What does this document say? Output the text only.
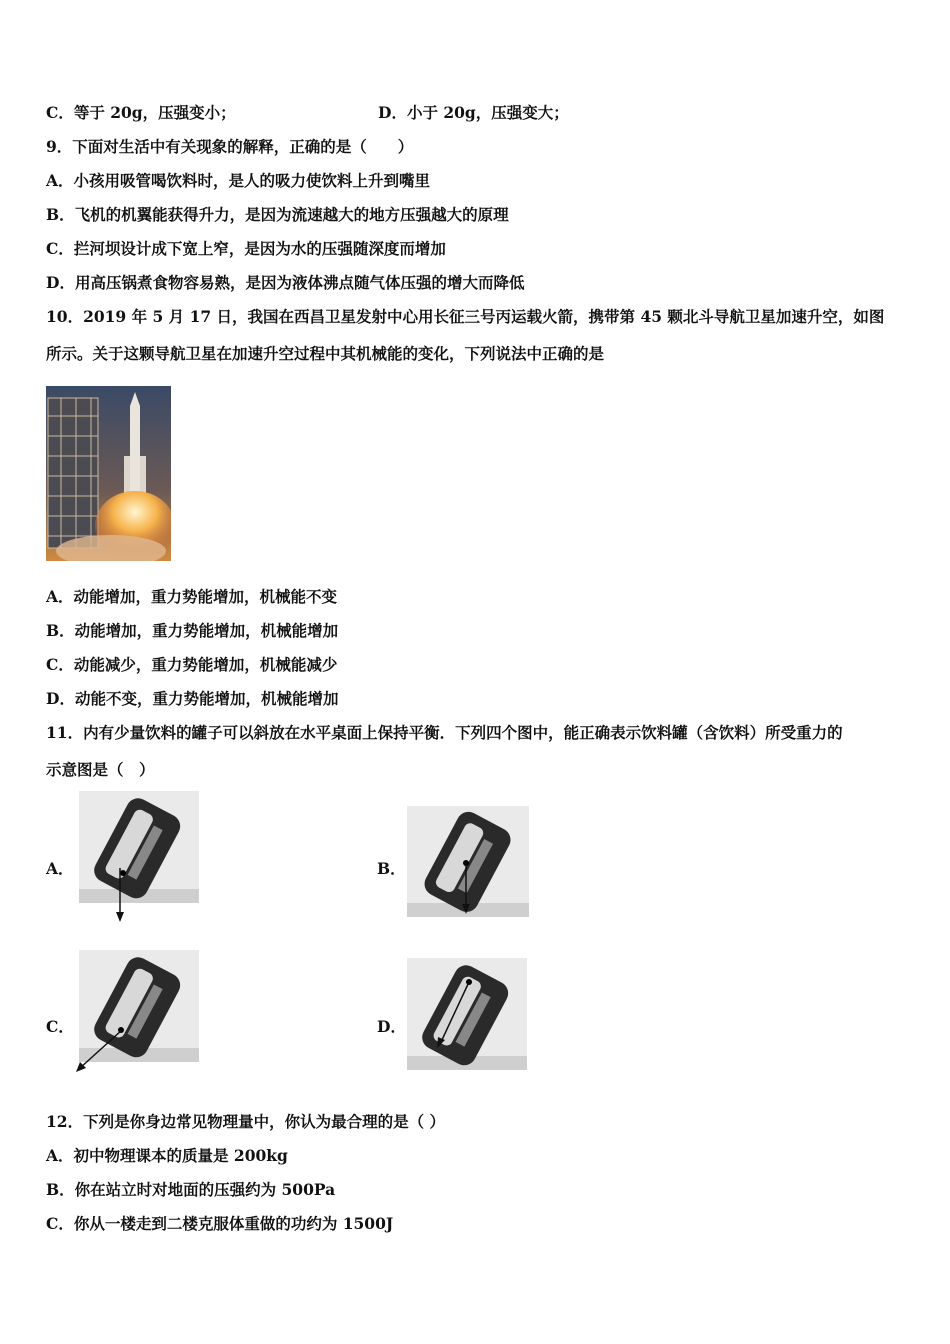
C．等于 20g，压强变小；	D．小于 20g，压强变大；
9．下面对生活中有关现象的解释，正确的是（　　）
A．小孩用吸管喝饮料时，是人的吸力使饮料上升到嘴里
B．飞机的机翼能获得升力，是因为流速越大的地方压强越大的原理
C．拦河坝设计成下宽上窄，是因为水的压强随深度而增加
D．用高压锅煮食物容易熟，是因为液体沸点随气体压强的增大而降低
10．2019 年 5 月 17 日，我国在西昌卫星发射中心用长征三号丙运载火箭，携带第 45 颗北斗导航卫星加速升空，如图
所示。关于这颗导航卫星在加速升空过程中其机械能的变化，下列说法中正确的是
A．动能增加，重力势能增加，机械能不变
B．动能增加，重力势能增加，机械能增加
C．动能减少，重力势能增加，机械能减少
D．动能不变，重力势能增加，机械能增加
11．内有少量饮料的罐子可以斜放在水平桌面上保持平衡．下列四个图中，能正确表示饮料罐（含饮料）所受重力的
示意图是（　）
A．	B．
C．	D．
12．下列是你身边常见物理量中，你认为最合理的是（ ）
A．初中物理课本的质量是 200kg
B．你在站立时对地面的压强约为 500Pa
C．你从一楼走到二楼克服体重做的功约为 1500J
